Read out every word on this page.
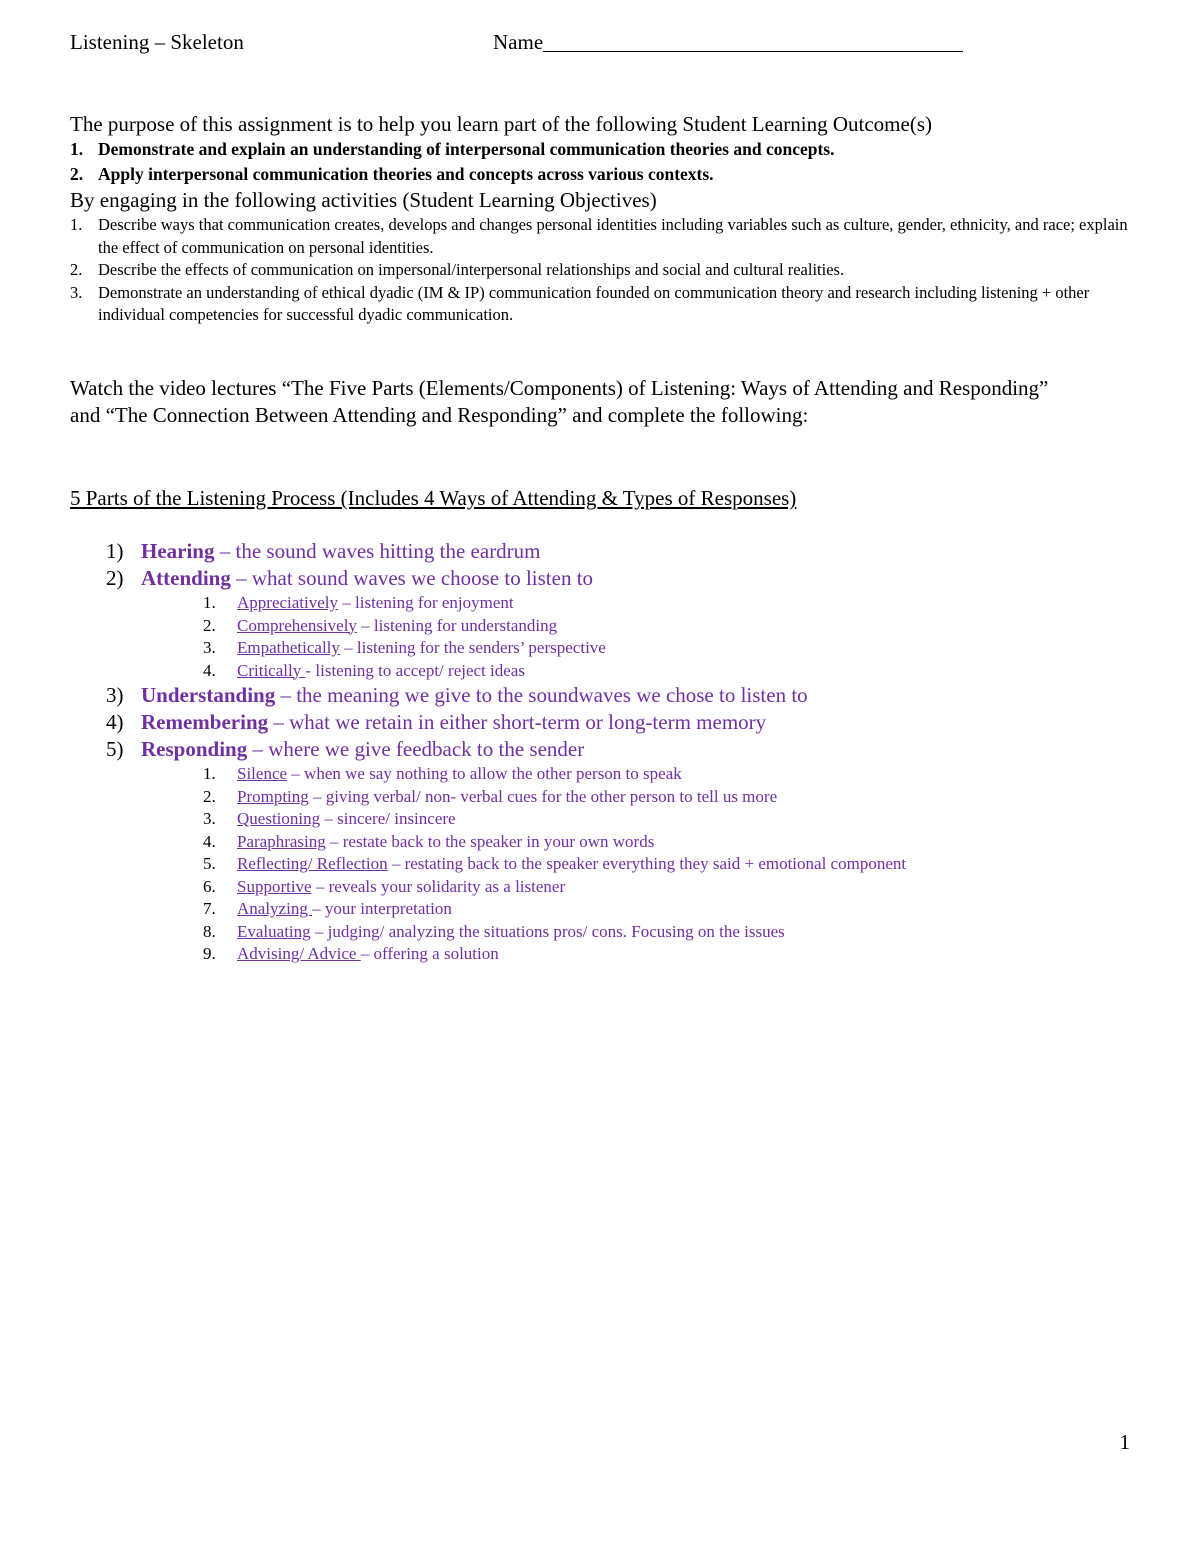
Listening – Skeleton	Name
The purpose of this assignment is to help you learn part of the following Student Learning Outcome(s)
1. Demonstrate and explain an understanding of interpersonal communication theories and concepts.
2. Apply interpersonal communication theories and concepts across various contexts.
By engaging in the following activities (Student Learning Objectives)
1. Describe ways that communication creates, develops and changes personal identities including variables such as culture, gender, ethnicity, and race; explain the effect of communication on personal identities.
2. Describe the effects of communication on impersonal/interpersonal relationships and social and cultural realities.
3. Demonstrate an understanding of ethical dyadic (IM & IP) communication founded on communication theory and research including listening + other individual competencies for successful dyadic communication.
Watch the video lectures “The Five Parts (Elements/Components) of Listening: Ways of Attending and Responding” and “The Connection Between Attending and Responding” and complete the following:
5 Parts of the Listening Process (Includes 4 Ways of Attending & Types of Responses)
1) Hearing – the sound waves hitting the eardrum
2) Attending – what sound waves we choose to listen to
1. Appreciatively – listening for enjoyment
2. Comprehensively – listening for understanding
3. Empathetically – listening for the senders’ perspective
4. Critically - listening to accept/ reject ideas
3) Understanding – the meaning we give to the soundwaves we chose to listen to
4) Remembering – what we retain in either short-term or long-term memory
5) Responding – where we give feedback to the sender
1. Silence – when we say nothing to allow the other person to speak
2. Prompting – giving verbal/ non- verbal cues for the other person to tell us more
3. Questioning – sincere/ insincere
4. Paraphrasing – restate back to the speaker in your own words
5. Reflecting/ Reflection – restating back to the speaker everything they said + emotional component
6. Supportive – reveals your solidarity as a listener
7. Analyzing – your interpretation
8. Evaluating – judging/ analyzing the situations pros/ cons. Focusing on the issues
9. Advising/ Advice – offering a solution
1
